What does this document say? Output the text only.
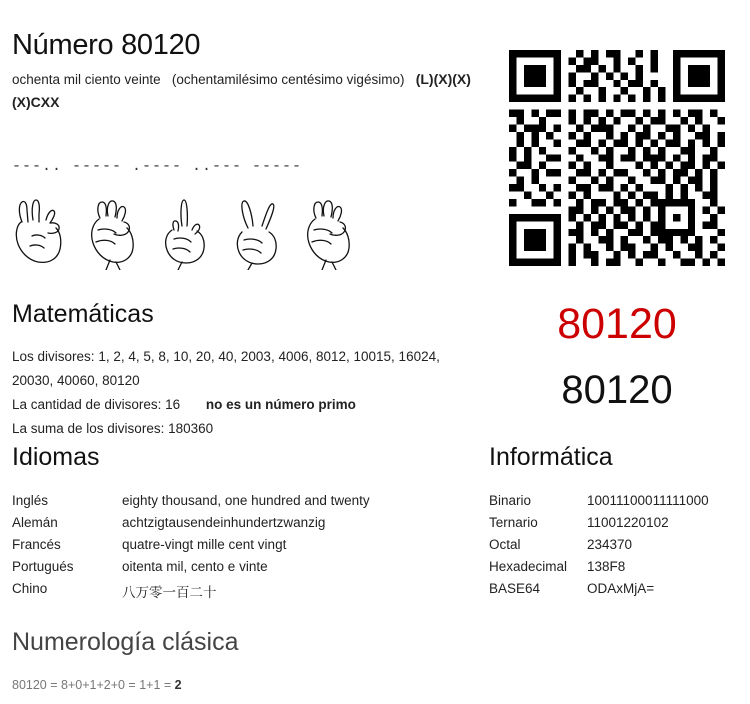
Número 80120
ochenta mil ciento veinte (ochentamilésimo centésimo vigésimo) (L)(X)(X)(X)CXX
---.. ----- .---- ..--- -----
80120
80120
Matemáticas
Los divisores: 1, 2, 4, 5, 8, 10, 20, 40, 2003, 4006, 8012, 10015, 16024, 20030, 40060, 80120
La cantidad de divisores: 16 no es un número primo
La suma de los divisores: 180360
Idiomas
Inglés	eighty thousand, one hundred and twenty
Alemán	achtzigtausendeinhundertzwanzig
Francés	quatre-vingt mille cent vingt
Portugués	oitenta mil, cento e vinte
Chino	八万零一百二十
Informática
Binario	10011100011111000
Ternario	11001220102
Octal	234370
Hexadecimal	138F8
BASE64	ODAxMjA=
Numerología clásica
80120 = 8+0+1+2+0 = 1+1 = 2
